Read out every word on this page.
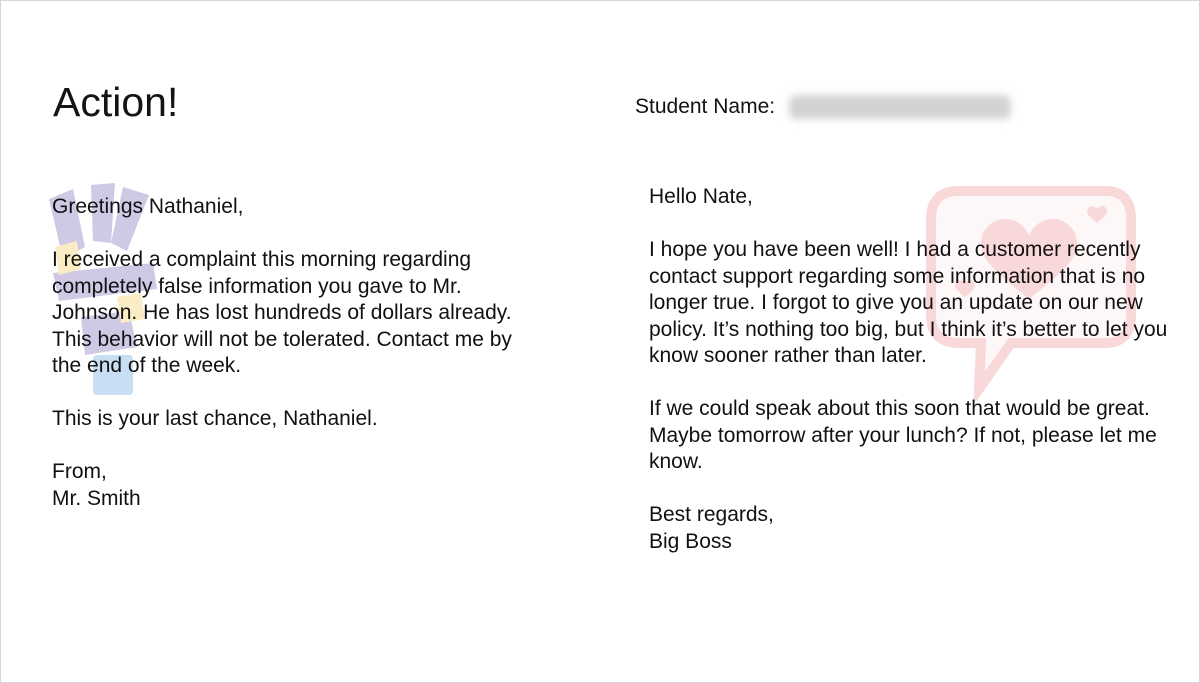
Action!	Student Name:

Greetings Nathaniel,

I received a complaint this morning regarding completely false information you gave to Mr. Johnson. He has lost hundreds of dollars already. This behavior will not be tolerated. Contact me by the end of the week.

This is your last chance, Nathaniel.

From,

Mr. Smith

Hello Nate,

I hope you have been well! I had a customer recently contact support regarding some information that is no longer true. I forgot to give you an update on our new policy. It’s nothing too big, but I think it’s better to let you know sooner rather than later.

If we could speak about this soon that would be great. Maybe tomorrow after your lunch? If not, please let me know.

Best regards,

Big Boss
